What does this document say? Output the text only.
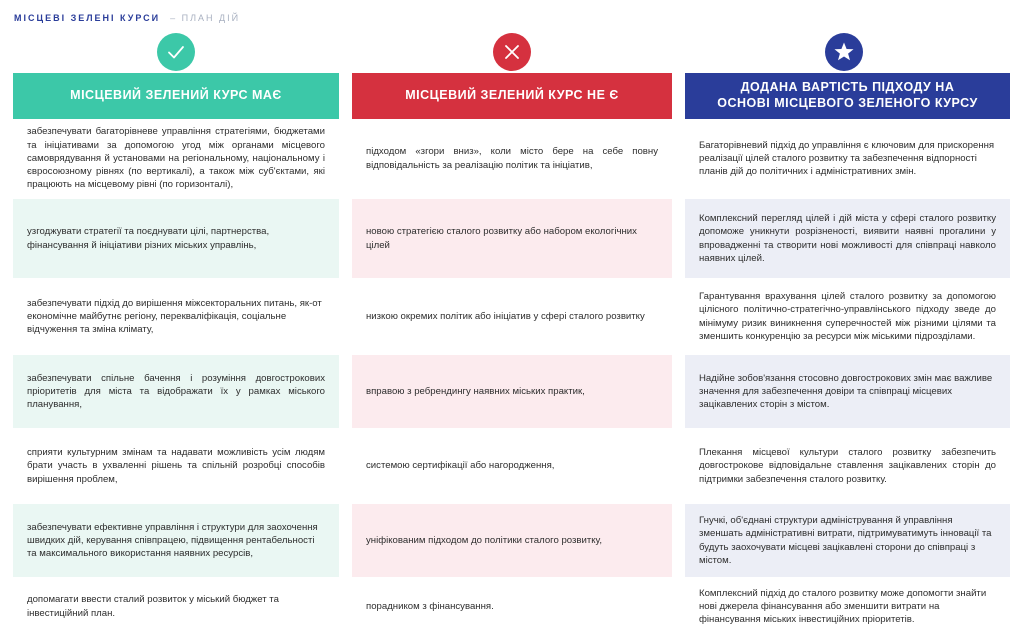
МІСЦЕВІ ЗЕЛЕНІ КУРСИ – ПЛАН ДІЙ
МІСЦЕВИЙ ЗЕЛЕНИЙ КУРС МАЄ	МІСЦЕВИЙ ЗЕЛЕНИЙ КУРС НЕ Є
ДОДАНА ВАРТІСТЬ ПІДХОДУ НА ОСНОВІ МІСЦЕВОГО ЗЕЛЕНОГО КУРСУ
забезпечувати багаторівневе управління стратегіями, бюджетами та ініціативами за допомогою угод між органами місцевого самоврядування й установами на регіональному, національному і євросоюзному рівнях (по вертикалі), а також між суб'єктами, які працюють на місцевому рівні (по горизонталі),
підходом «згори вниз», коли місто бере на себе повну відповідальність за реалізацію політик та ініціатив,
Багаторівневий підхід до управління є ключовим для прискорення реалізації цілей сталого розвитку та забезпечення відпорності планів дій до політичних і адміністративних змін.
узгоджувати стратегії та поєднувати цілі, партнерства, фінансування й ініціативи різних міських управлінь,
новою стратегією сталого розвитку або набором екологічних цілей
Комплексний перегляд цілей і дій міста у сфері сталого розвитку допоможе уникнути розрізненості, виявити наявні прогалини у впровадженні та створити нові можливості для співпраці навколо наявних цілей.
забезпечувати підхід до вирішення міжсекторальних питань, як-от економічне майбутнє регіону, перекваліфікація, соціальне відчуження та зміна клімату,
низкою окремих політик або ініціатив у сфері сталого розвитку
Гарантування врахування цілей сталого розвитку за допомогою цілісного політично-стратегічно-управлінського підходу зведе до мінімуму ризик виникнення суперечностей між різними цілями та зменшить конкуренцію за ресурси між міськими підрозділами.
забезпечувати спільне бачення і розуміння довгострокових пріоритетів для міста та відображати їх у рамках міського планування,
вправою з ребрендингу наявних міських практик,
Надійне зобов'язання стосовно довгострокових змін має важливе значення для забезпечення довіри та співпраці місцевих зацікавлених сторін з містом.
сприяти культурним змінам та надавати можливість усім людям брати участь в ухваленні рішень та спільній розробці способів вирішення проблем,
системою сертифікації або нагородження,
Плекання місцевої культури сталого розвитку забезпечить довгострокове відповідальне ставлення зацікавлених сторін до підтримки забезпечення сталого розвитку.
забезпечувати ефективне управління і структури для заохочення швидких дій, керування співпрацею, підвищення рентабельності та максимального використання наявних ресурсів,
уніфікованим підходом до політики сталого розвитку,
Гнучкі, об'єднані структури адміністрування й управління зменшать адміністративні витрати, підтримуватимуть інновації та будуть заохочувати місцеві зацікавлені сторони до співпраці з містом.
допомагати ввести сталий розвиток у міський бюджет та інвестиційний план.
порадником з фінансування.
Комплексний підхід до сталого розвитку може допомогти знайти нові джерела фінансування або зменшити витрати на фінансування міських інвестиційних пріоритетів.
